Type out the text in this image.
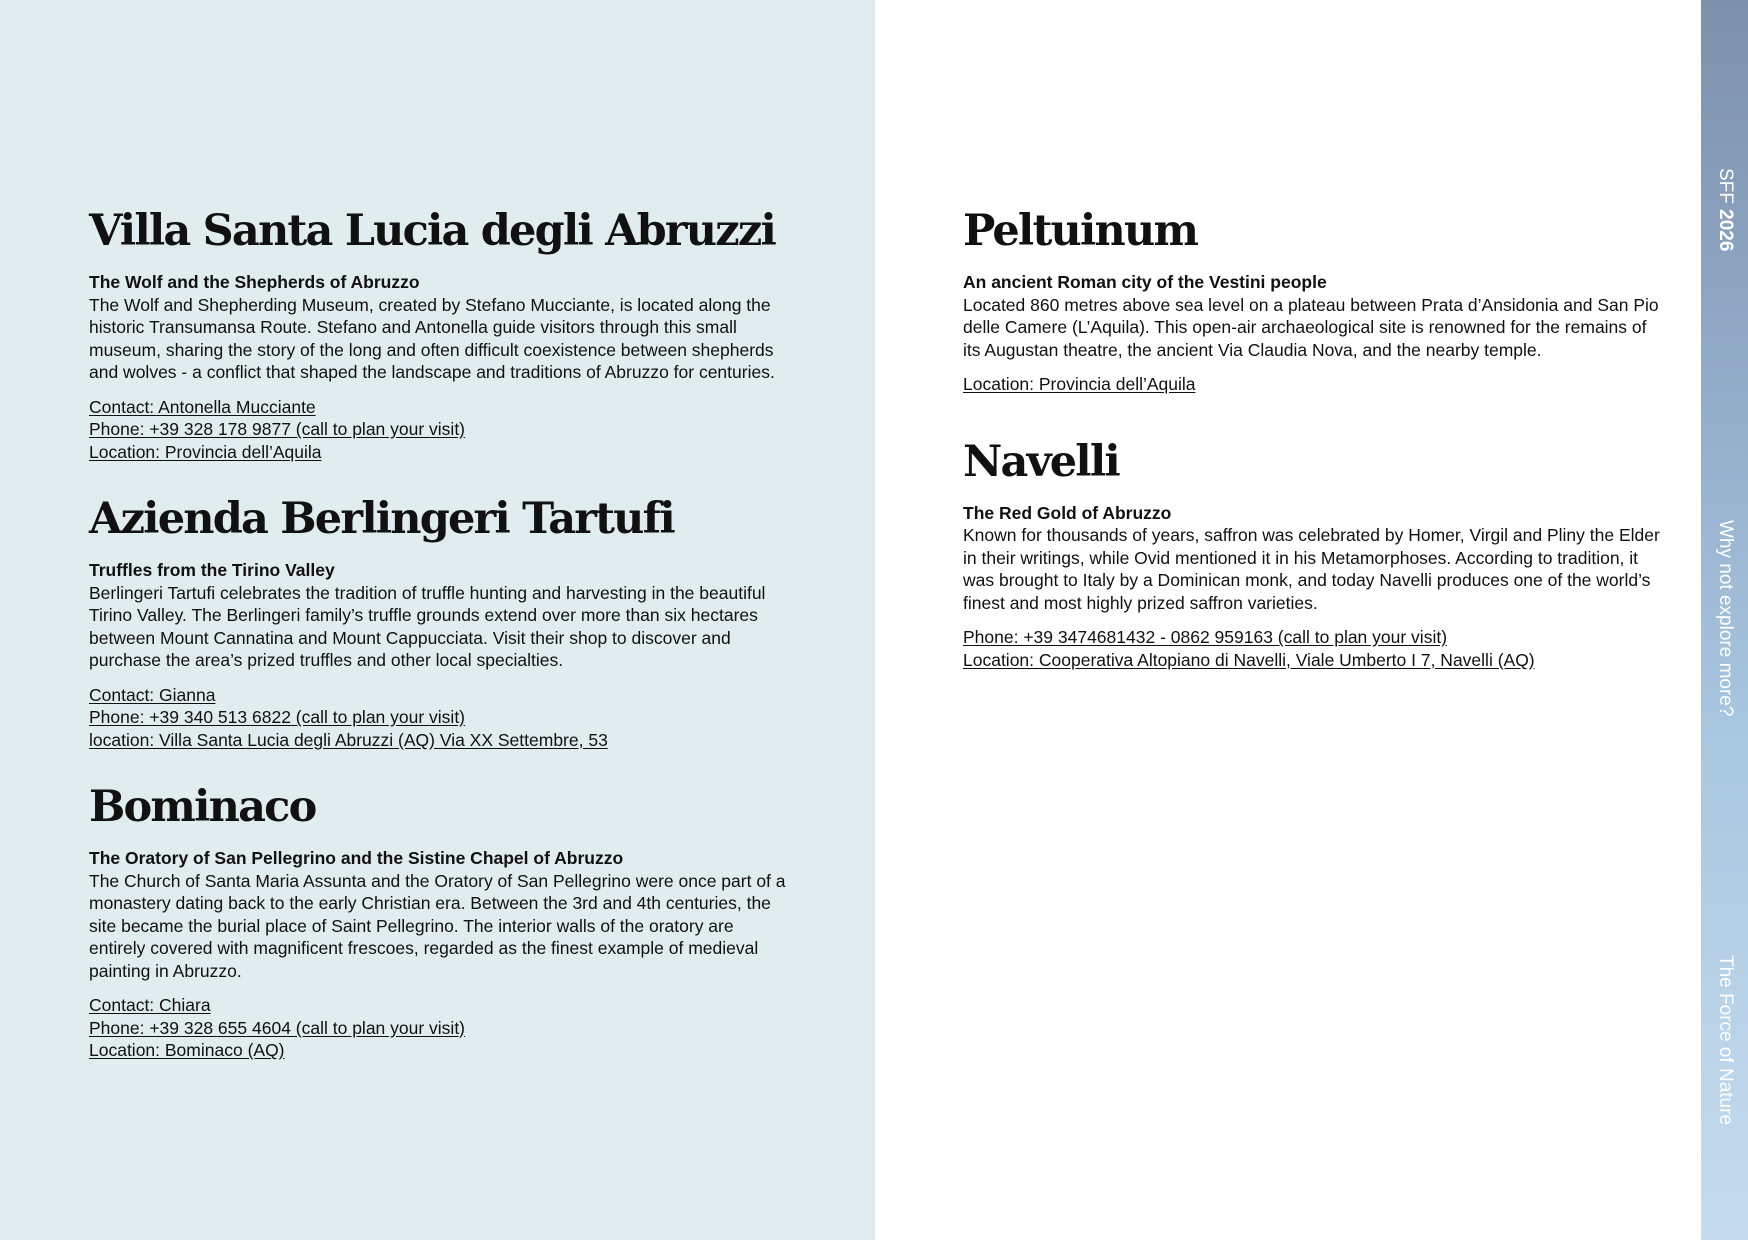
SFF 2026
Why not explore more?
The Force of Nature
Villa Santa Lucia degli Abruzzi

The Wolf and the Shepherds of Abruzzo

The Wolf and Shepherding Museum, created by Stefano Mucciante, is located along the historic Transumansa Route. Stefano and Antonella guide visitors through this small museum, sharing the story of the long and often difficult coexistence between shepherds and wolves - a conflict that shaped the landscape and traditions of Abruzzo for centuries.

Contact: Antonella Mucciante
Phone: +39 328 178 9877 (call to plan your visit)
Location: Provincia dell’Aquila
Azienda Berlingeri Tartufi

Truffles from the Tirino Valley

Berlingeri Tartufi celebrates the tradition of truffle hunting and harvesting in the beautiful Tirino Valley. The Berlingeri family’s truffle grounds extend over more than six hectares between Mount Cannatina and Mount Cappucciata. Visit their shop to discover and purchase the area’s prized truffles and other local specialties.

Contact: Gianna
Phone: +39 340 513 6822 (call to plan your visit)
location: Villa Santa Lucia degli Abruzzi (AQ) Via XX Settembre, 53
Bominaco

The Oratory of San Pellegrino and the Sistine Chapel of Abruzzo

The Church of Santa Maria Assunta and the Oratory of San Pellegrino were once part of a monastery dating back to the early Christian era. Between the 3rd and 4th centuries, the site became the burial place of Saint Pellegrino. The interior walls of the oratory are entirely covered with magnificent frescoes, regarded as the finest example of medieval painting in Abruzzo.

Contact: Chiara
Phone: +39 328 655 4604 (call to plan your visit)
Location: Bominaco (AQ)
Peltuinum

An ancient Roman city of the Vestini people

Located 860 metres above sea level on a plateau between Prata d’Ansidonia and San Pio delle Camere (L’Aquila). This open-air archaeological site is renowned for the remains of its Augustan theatre, the ancient Via Claudia Nova, and the nearby temple.

Location: Provincia dell’Aquila
Navelli

The Red Gold of Abruzzo

Known for thousands of years, saffron was celebrated by Homer, Virgil and Pliny the Elder in their writings, while Ovid mentioned it in his Metamorphoses. According to tradition, it was brought to Italy by a Dominican monk, and today Navelli produces one of the world’s finest and most highly prized saffron varieties.

Phone: +39 3474681432 - 0862 959163 (call to plan your visit)
Location: Cooperativa Altopiano di Navelli, Viale Umberto I 7, Navelli (AQ)
